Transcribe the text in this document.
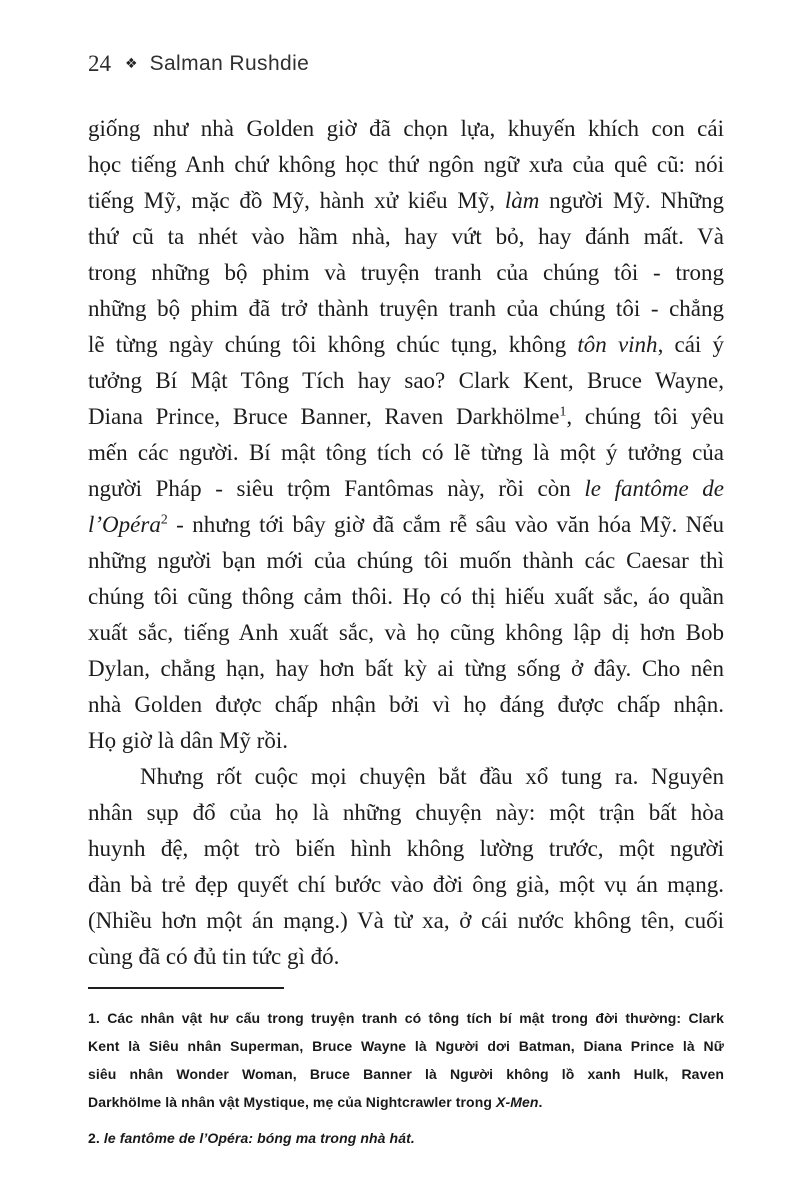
24 ❖ Salman Rushdie
giống như nhà Golden giờ đã chọn lựa, khuyến khích con cái
học tiếng Anh chứ không học thứ ngôn ngữ xưa của quê cũ: nói
tiếng Mỹ, mặc đồ Mỹ, hành xử kiểu Mỹ, làm người Mỹ. Những
thứ cũ ta nhét vào hầm nhà, hay vứt bỏ, hay đánh mất. Và
trong những bộ phim và truyện tranh của chúng tôi - trong
những bộ phim đã trở thành truyện tranh của chúng tôi - chẳng
lẽ từng ngày chúng tôi không chúc tụng, không tôn vinh, cái ý
tưởng Bí Mật Tông Tích hay sao? Clark Kent, Bruce Wayne,
Diana Prince, Bruce Banner, Raven Darkhölme$^1$, chúng tôi yêu
mến các người. Bí mật tông tích có lẽ từng là một ý tưởng của
người Pháp - siêu trộm Fantômas này, rồi còn le fantôme de
l’Opéra$^2$ - nhưng tới bây giờ đã cắm rễ sâu vào văn hóa Mỹ. Nếu
những người bạn mới của chúng tôi muốn thành các Caesar thì
chúng tôi cũng thông cảm thôi. Họ có thị hiếu xuất sắc, áo quần
xuất sắc, tiếng Anh xuất sắc, và họ cũng không lập dị hơn Bob
Dylan, chẳng hạn, hay hơn bất kỳ ai từng sống ở đây. Cho nên
nhà Golden được chấp nhận bởi vì họ đáng được chấp nhận.
Họ giờ là dân Mỹ rồi.
Nhưng rốt cuộc mọi chuyện bắt đầu xổ tung ra. Nguyên
nhân sụp đổ của họ là những chuyện này: một trận bất hòa
huynh đệ, một trò biến hình không lường trước, một người
đàn bà trẻ đẹp quyết chí bước vào đời ông già, một vụ án mạng.
(Nhiều hơn một án mạng.) Và từ xa, ở cái nước không tên, cuối
cùng đã có đủ tin tức gì đó.
1. Các nhân vật hư cấu trong truyện tranh có tông tích bí mật trong đời thường: Clark
Kent là Siêu nhân Superman, Bruce Wayne là Người dơi Batman, Diana Prince là Nữ
siêu nhân Wonder Woman, Bruce Banner là Người không lồ xanh Hulk, Raven
Darkhölme là nhân vật Mystique, mẹ của Nightcrawler trong X-Men.
2. le fantôme de l’Opéra: bóng ma trong nhà hát.
